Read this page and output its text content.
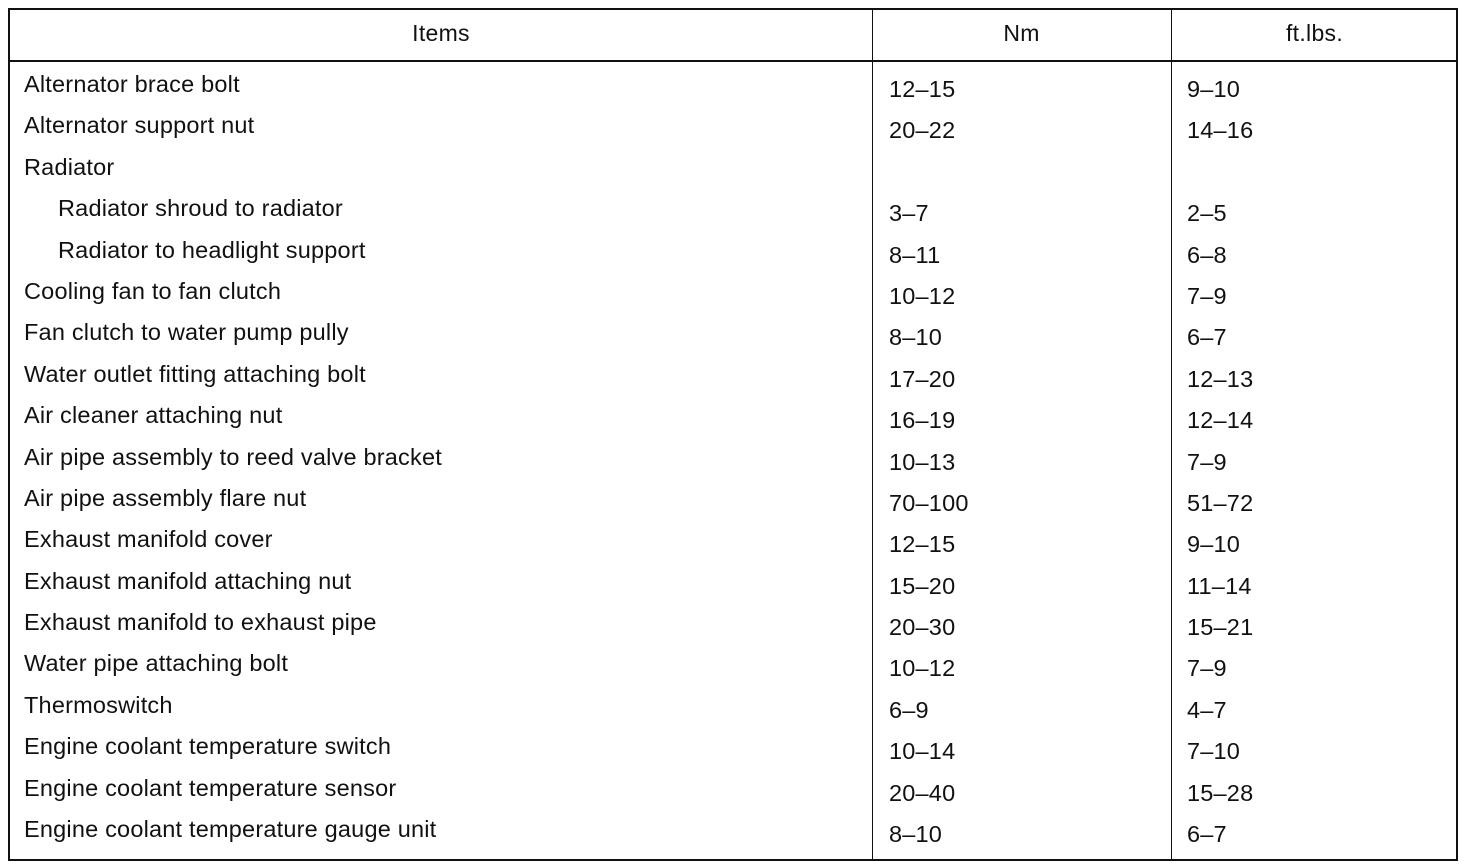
Items	Nm	ft.lbs.
Alternator brace bolt	12–15	9–10
Alternator support nut	20–22	14–16
Radiator
Radiator shroud to radiator	3–7	2–5
Radiator to headlight support	8–11	6–8
Cooling fan to fan clutch	10–12	7–9
Fan clutch to water pump pully	8–10	6–7
Water outlet fitting attaching bolt	17–20	12–13
Air cleaner attaching nut	16–19	12–14
Air pipe assembly to reed valve bracket	10–13	7–9
Air pipe assembly flare nut	70–100	51–72
Exhaust manifold cover	12–15	9–10
Exhaust manifold attaching nut	15–20	11–14
Exhaust manifold to exhaust pipe	20–30	15–21
Water pipe attaching bolt	10–12	7–9
Thermoswitch	6–9	4–7
Engine coolant temperature switch	10–14	7–10
Engine coolant temperature sensor	20–40	15–28
Engine coolant temperature gauge unit	8–10	6–7
